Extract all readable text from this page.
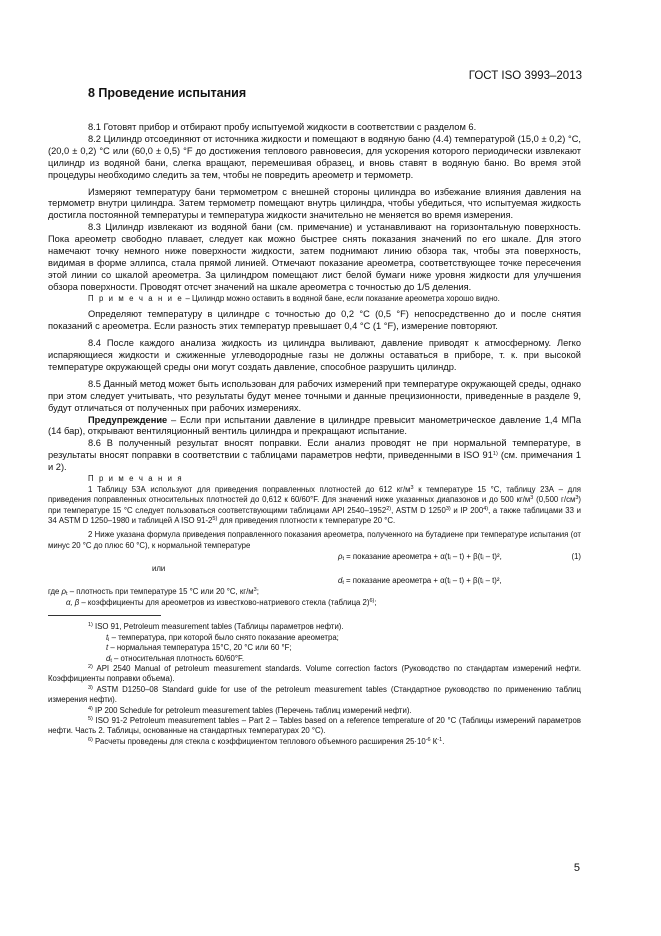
ГОСТ ISO 3993–2013
8 Проведение испытания

8.1 Готовят прибор и отбирают пробу испытуемой жидкости в соответствии с разделом 6.

8.2 Цилиндр отсоединяют от источника жидкости и помещают в водяную баню (4.4) температурой (15,0 ± 0,2) °С, (20,0 ± 0,2) °С или (60,0 ± 0,5) °F до достижения теплового равновесия, для ускорения которого периодически извлекают цилиндр из водяной бани, слегка вращают, перемешивая образец, и вновь ставят в водяную баню. Во время этой процедуры необходимо следить за тем, чтобы не повредить ареометр и термометр.

Измеряют температуру бани термометром с внешней стороны цилиндра во избежание влияния давления на термометр внутри цилиндра. Затем термометр помещают внутрь цилиндра, чтобы убедиться, что испытуемая жидкость достигла постоянной температуры и температура жидкости значительно не меняется во время измерения.

8.3 Цилиндр извлекают из водяной бани (см. примечание) и устанавливают на горизонтальную поверхность. Пока ареометр свободно плавает, следует как можно быстрее снять показания значений по его шкале. Для этого намечают точку немного ниже поверхности жидкости, затем поднимают линию обзора так, чтобы эта поверхность, видимая в форме эллипса, стала прямой линией. Отмечают показание ареометра, соответствующее точке пересечения этой линии со шкалой ареометра. За цилиндром помещают лист белой бумаги ниже уровня жидкости для улучшения обзора поверхности. Проводят отсчет значений на шкале ареометра с точностью до 1/5 деления.

П р и м е ч а н и е – Цилиндр можно оставить в водяной бане, если показание ареометра хорошо видно.

Определяют температуру в цилиндре с точностью до 0,2 °С (0,5 °F) непосредственно до и после снятия показаний с ареометра. Если разность этих температур превышает 0,4 °С (1 °F), измерение повторяют.

8.4 После каждого анализа жидкость из цилиндра выливают, давление приводят к атмосферному. Легко испаряющиеся жидкости и сжиженные углеводородные газы не должны оставаться в приборе, т. к. при высокой температуре окружающей среды они могут создать давление, способное разрушить цилиндр.

8.5 Данный метод может быть использован для рабочих измерений при температуре окружающей среды, однако при этом следует учитывать, что результаты будут менее точными и данные прецизионности, приведенные в разделе 9, будут отличаться от полученных при рабочих измерениях.

Предупреждение – Если при испытании давление в цилиндре превысит манометрическое давление 1,4 МПа (14 бар), открывают вентиляционный вентиль цилиндра и прекращают испытание.

8.6 В полученный результат вносят поправки. Если анализ проводят не при нормальной температуре, в результаты вносят поправки в соответствии с таблицами параметров нефти, приведенными в ISO 91$^{1)}$ (см. примечания 1 и 2).

П р и м е ч а н и я

1 Таблицу 53А используют для приведения поправленных плотностей до 612 $кг/м^3$ к температуре 15 °С, таблицу 23А – для приведения поправленных относительных плотностей до 0,612 к 60/60°F. Для значений ниже указанных диапазонов и до 500 $кг/м^3$ (0,500 $г/см^3$) при температуре 15 °С следует пользоваться соответствующими таблицами API 2540–1952$^{2)}$, ASTM D 1250$^{3)}$ и IP 200$^{4)}$, а также таблицами 33 и 34 ASTM D 1250–1980 и таблицей A ISO 91-2$^{5)}$ для приведения плотности к температуре 20 °С.

2 Ниже указана формула приведения поправленного показания ареометра, полученного на бутадиене при температуре испытания (от минус 20 °С до плюс 60 °С), к нормальной температуре

$\rho_t$ = показание ареометра + α(tᵢ – t) + β(tᵢ – t)²,	(1)
или
$d_t$ = показание ареометра + α(tᵢ – t) + β(tᵢ – t)²,

где $\rho_t$ – плотность при температуре 15 °С или 20 °С, $кг/м^3$;

α, β – коэффициенты для ареометров из известково-натриевого стекла (таблица 2)$^{6)}$;

$^{1)}$ ISO 91, Petroleum measurement tables (Таблицы параметров нефти).

$t_i$ – температура, при которой было снято показание ареометра;

t – нормальная температура 15°С, 20 °С или 60 °F;

$d_t$ – относительная плотность 60/60°F.

$^{2)}$ API 2540 Manual of petroleum measurement standards. Volume correction factors (Руководство по стандартам измерений нефти. Коэффициенты поправки объема).

$^{3)}$ ASTM D1250–08 Standard guide for use of the petroleum measurement tables (Стандартное руководство по применению таблиц измерения нефти).

$^{4)}$ IP 200 Schedule for petroleum measurement tables (Перечень таблиц измерений нефти).

$^{5)}$ ISO 91-2 Petroleum measurement tables – Part 2 – Tables based on a reference temperature of 20 °C (Таблицы измерений параметров нефти. Часть 2. Таблицы, основанные на стандартных температурах 20 °С).

$^{6)}$ Расчеты проведены для стекла с коэффициентом теплового объемного расширения $25\cdot 10^{-6}$ $К^{-1}$.

5
